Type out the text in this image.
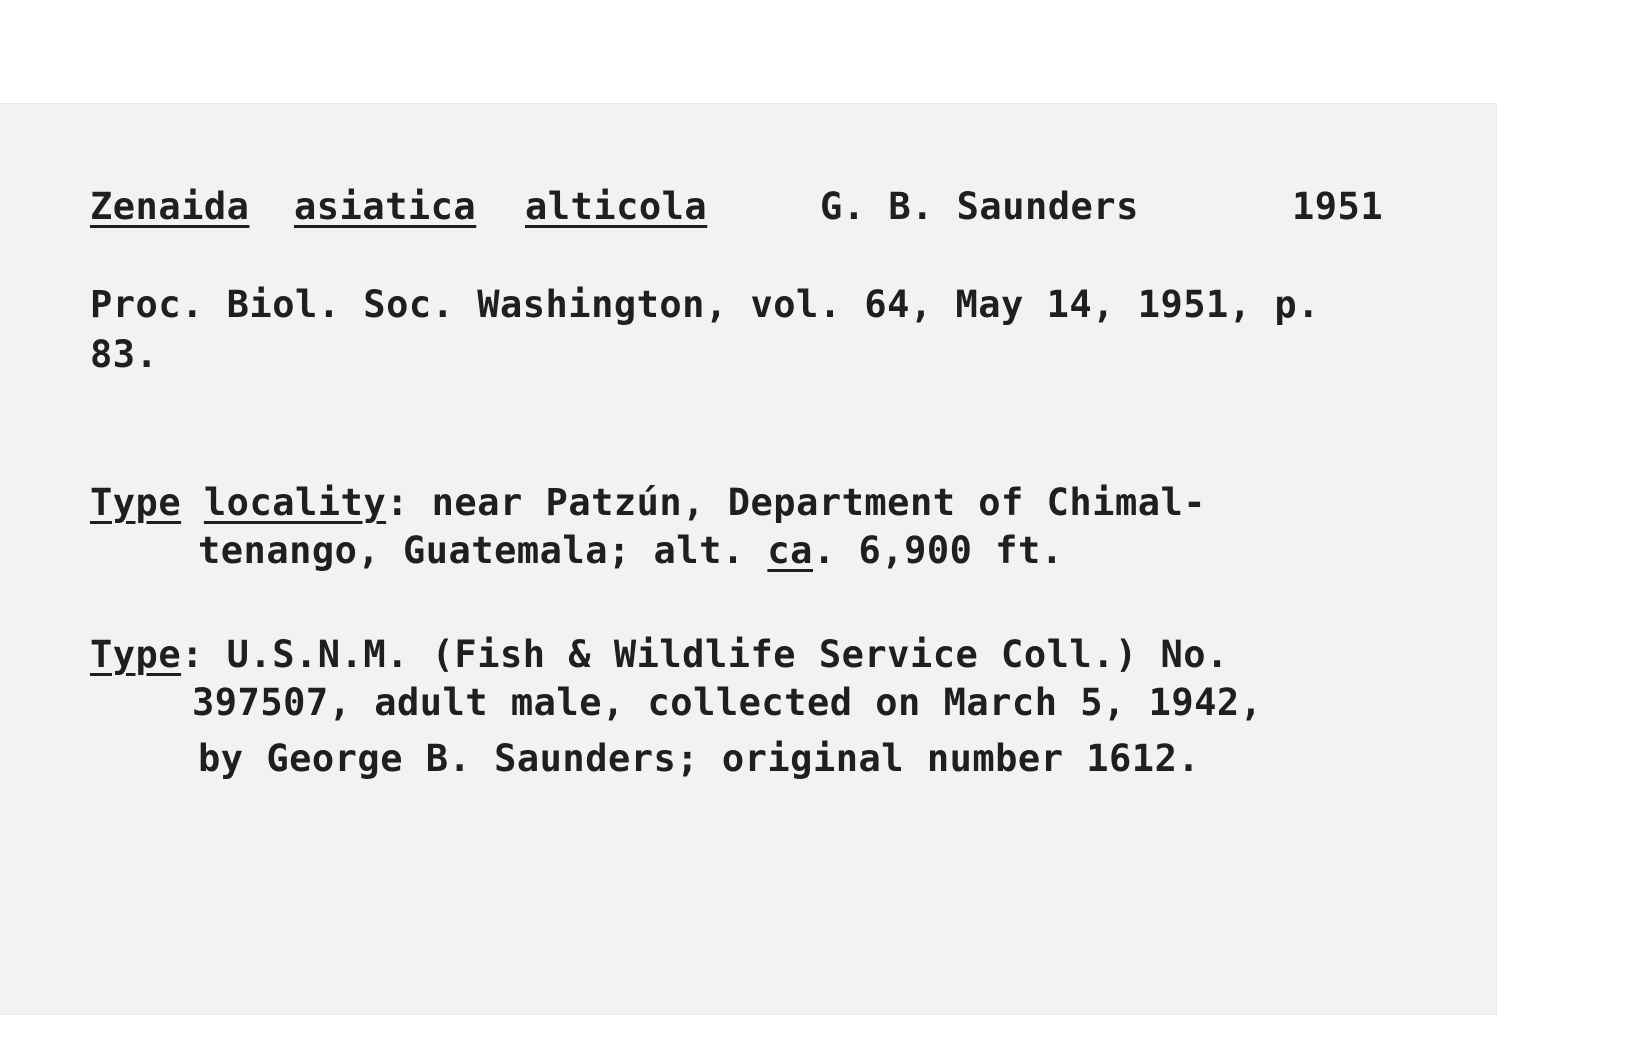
Zenaida asiatica alticola	G. B. Saunders	1951
Proc. Biol. Soc. Washington, vol. 64, May 14, 1951, p.
83.
Type locality: near Patzún, Department of Chimal-
tenango, Guatemala; alt. ca. 6,900 ft.
Type: U.S.N.M. (Fish & Wildlife Service Coll.) No.
397507, adult male, collected on March 5, 1942,
by George B. Saunders; original number 1612.
